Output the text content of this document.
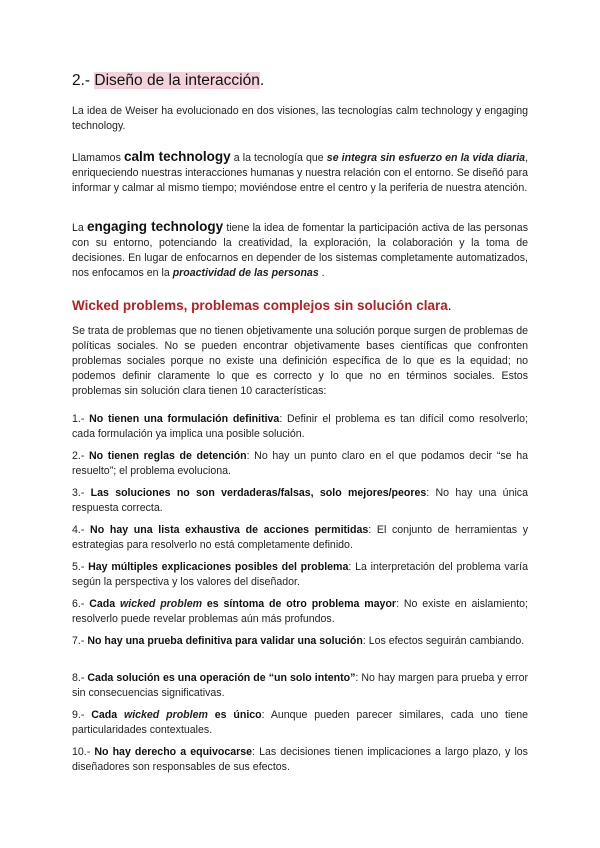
2.- Diseño de la interacción.

La idea de Weiser ha evolucionado en dos visiones, las tecnologías calm technology y engaging technology.

Llamamos calm technology a la tecnología que se integra sin esfuerzo en la vida diaria, enriqueciendo nuestras interacciones humanas y nuestra relación con el entorno. Se diseñó para informar y calmar al mismo tiempo; moviéndose entre el centro y la periferia de nuestra atención.

La engaging technology tiene la idea de fomentar la participación activa de las personas con su entorno, potenciando la creatividad, la exploración, la colaboración y la toma de decisiones. En lugar de enfocarnos en depender de los sistemas completamente automatizados, nos enfocamos en la proactividad de las personas .

Wicked problems, problemas complejos sin solución clara.

Se trata de problemas que no tienen objetivamente una solución porque surgen de problemas de políticas sociales. No se pueden encontrar objetivamente bases científicas que confronten problemas sociales porque no existe una definición específica de lo que es la equidad; no podemos definir claramente lo que es correcto y lo que no en términos sociales. Estos problemas sin solución clara tienen 10 características:

1.- No tienen una formulación definitiva: Definir el problema es tan difícil como resolverlo; cada formulación ya implica una posible solución.

2.- No tienen reglas de detención: No hay un punto claro en el que podamos decir “se ha resuelto”; el problema evoluciona.

3.- Las soluciones no son verdaderas/falsas, solo mejores/peores: No hay una única respuesta correcta.

4.- No hay una lista exhaustiva de acciones permitidas: El conjunto de herramientas y estrategias para resolverlo no está completamente definido.

5.- Hay múltiples explicaciones posibles del problema: La interpretación del problema varía según la perspectiva y los valores del diseñador.

6.- Cada wicked problem es síntoma de otro problema mayor: No existe en aislamiento; resolverlo puede revelar problemas aún más profundos.

7.- No hay una prueba definitiva para validar una solución: Los efectos seguirán cambiando.

8.- Cada solución es una operación de “un solo intento”: No hay margen para prueba y error sin consecuencias significativas.

9.- Cada wicked problem es único: Aunque pueden parecer similares, cada uno tiene particularidades contextuales.

10.- No hay derecho a equivocarse: Las decisiones tienen implicaciones a largo plazo, y los diseñadores son responsables de sus efectos.
